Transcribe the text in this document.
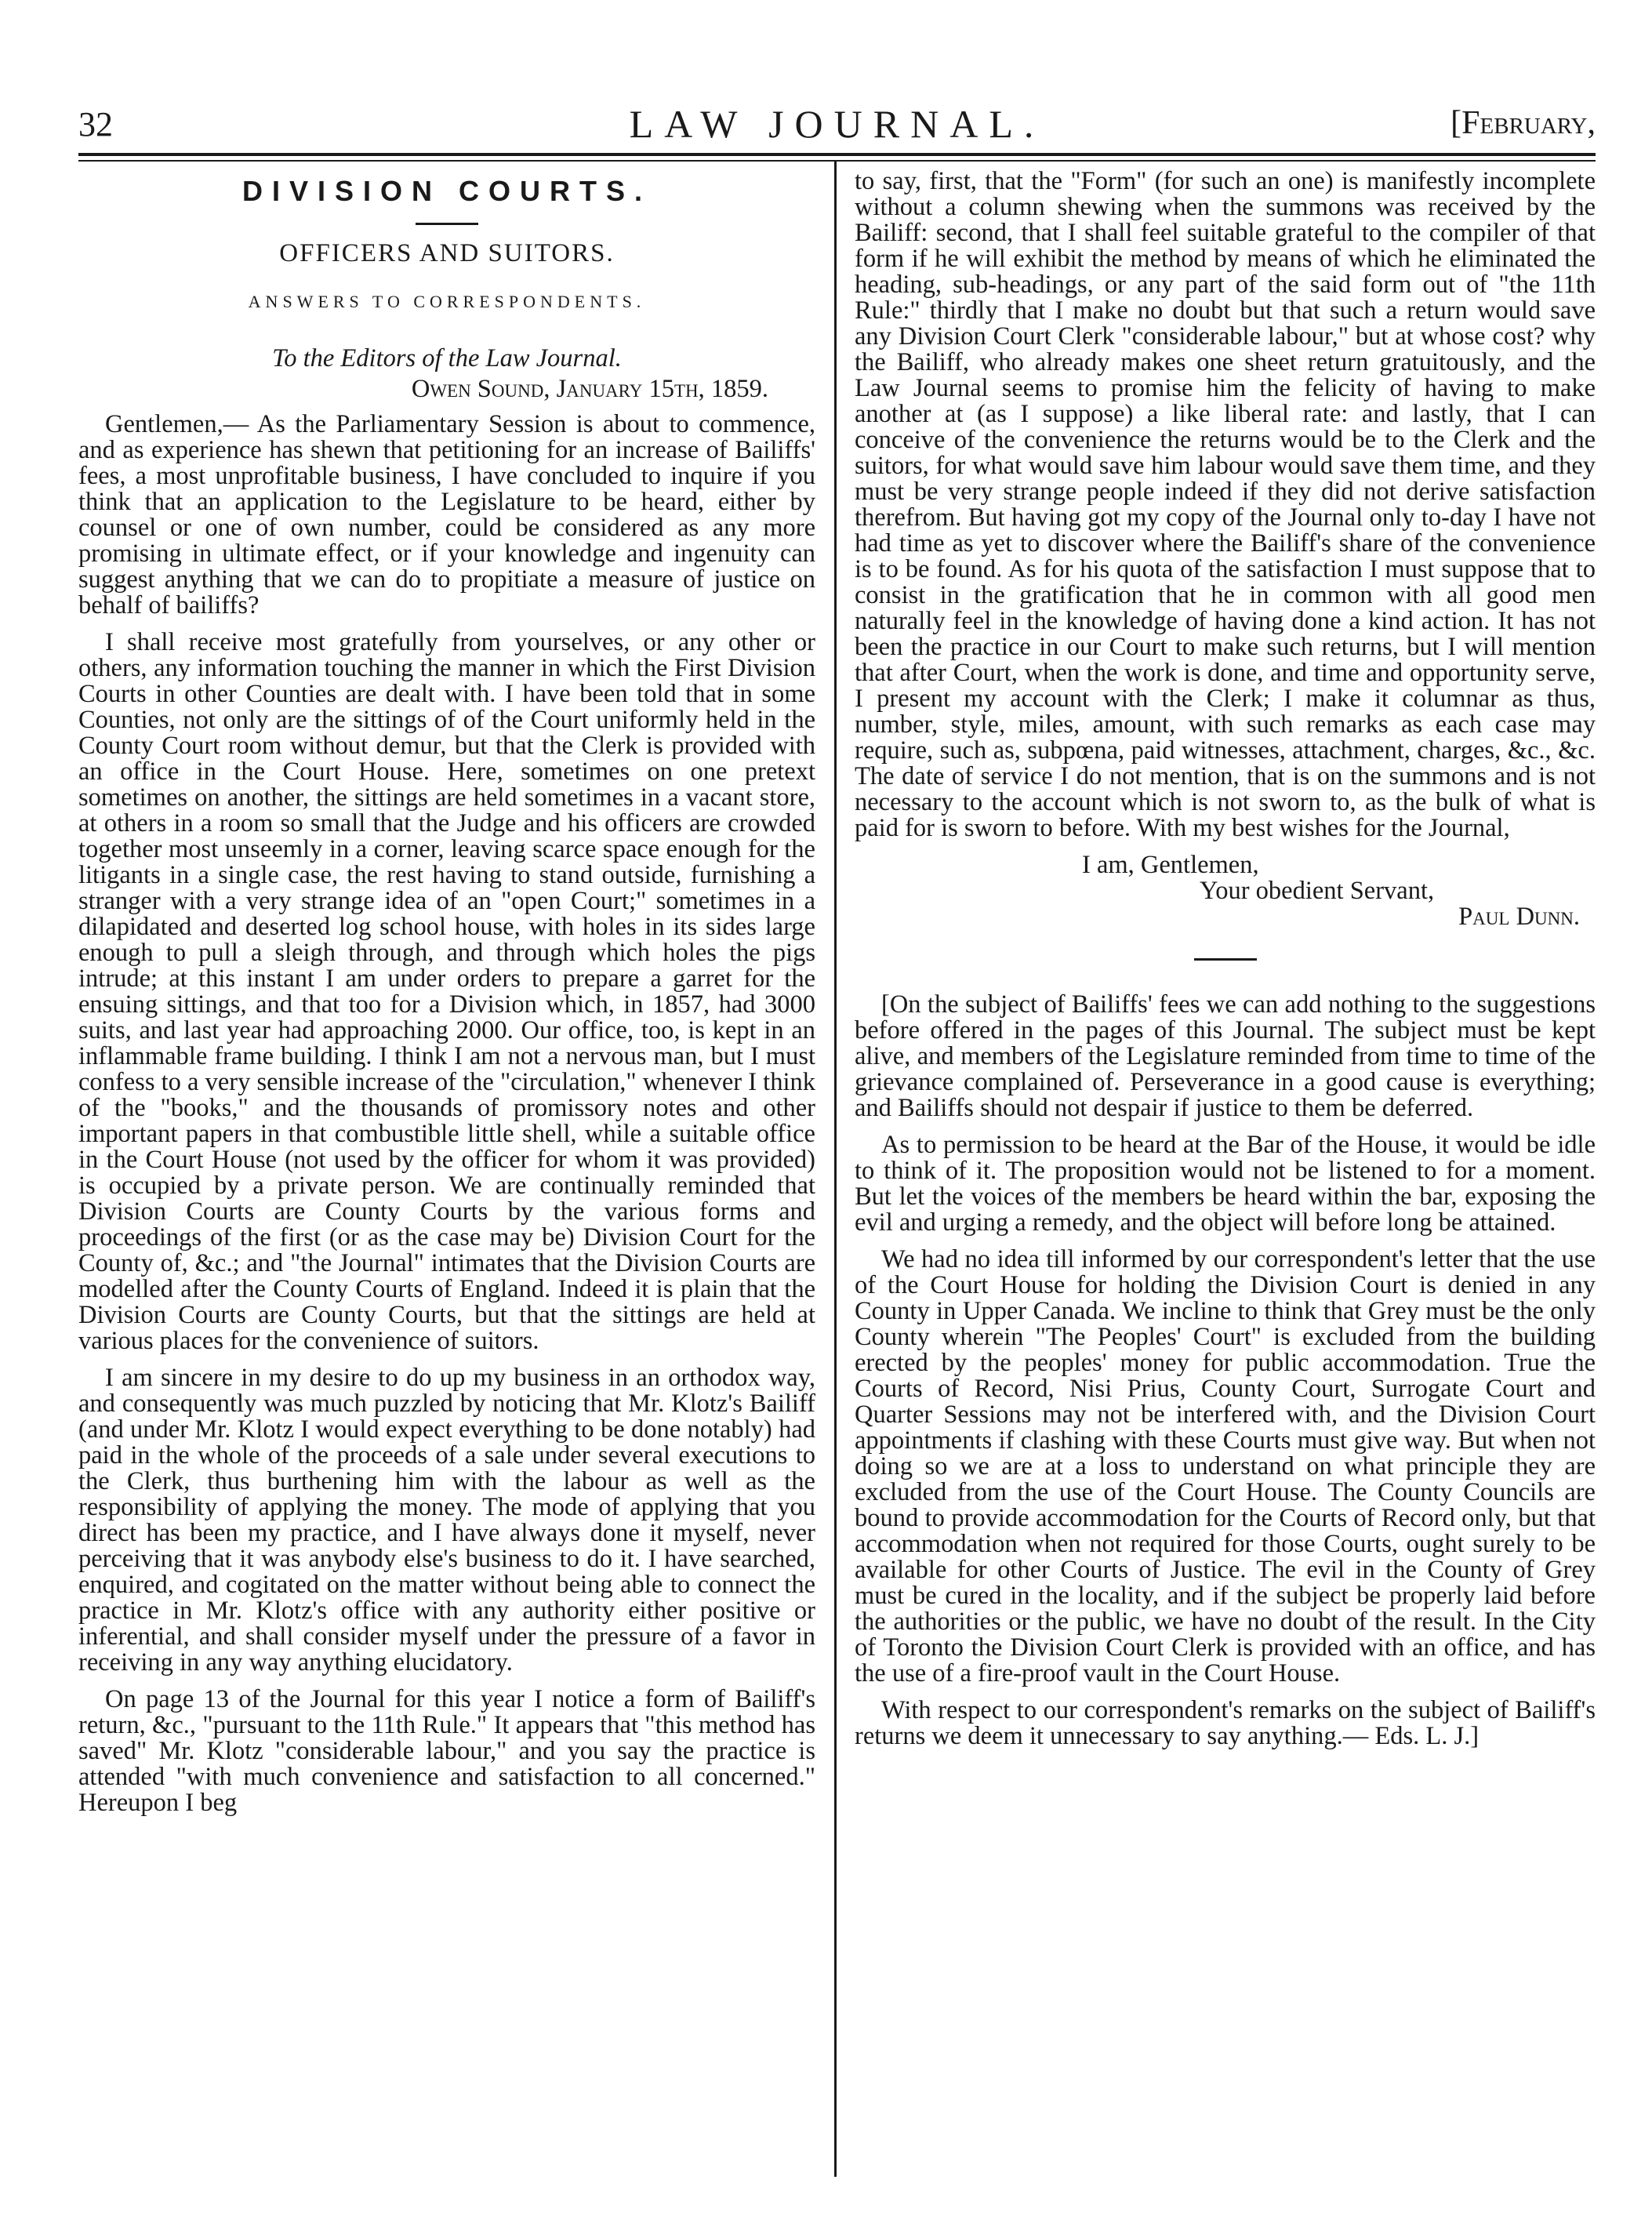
32	LAW JOURNAL.	[February,
DIVISION COURTS.
OFFICERS AND SUITORS.
ANSWERS TO CORRESPONDENTS.
To the Editors of the Law Journal.
Owen Sound, January 15th, 1859.

Gentlemen,— As the Parliamentary Session is about to commence, and as experience has shewn that petitioning for an increase of Bailiffs' fees, a most unprofitable business, I have concluded to inquire if you think that an application to the Legislature to be heard, either by counsel or one of own number, could be considered as any more promising in ultimate effect, or if your knowledge and ingenuity can suggest anything that we can do to propitiate a measure of justice on behalf of bailiffs?

I shall receive most gratefully from yourselves, or any other or others, any information touching the manner in which the First Division Courts in other Counties are dealt with. I have been told that in some Counties, not only are the sittings of of the Court uniformly held in the County Court room without demur, but that the Clerk is provided with an office in the Court House. Here, sometimes on one pretext sometimes on another, the sittings are held sometimes in a vacant store, at others in a room so small that the Judge and his officers are crowded together most unseemly in a corner, leaving scarce space enough for the litigants in a single case, the rest having to stand outside, furnishing a stranger with a very strange idea of an "open Court;" sometimes in a dilapidated and deserted log school house, with holes in its sides large enough to pull a sleigh through, and through which holes the pigs intrude; at this instant I am under orders to prepare a garret for the ensuing sittings, and that too for a Division which, in 1857, had 3000 suits, and last year had approaching 2000. Our office, too, is kept in an inflammable frame building. I think I am not a nervous man, but I must confess to a very sensible increase of the "circulation," whenever I think of the "books," and the thousands of promissory notes and other important papers in that combustible little shell, while a suitable office in the Court House (not used by the officer for whom it was provided) is occupied by a private person. We are continually reminded that Division Courts are County Courts by the various forms and proceedings of the first (or as the case may be) Division Court for the County of, &c.; and "the Journal" intimates that the Division Courts are modelled after the County Courts of England. Indeed it is plain that the Division Courts are County Courts, but that the sittings are held at various places for the convenience of suitors.

I am sincere in my desire to do up my business in an orthodox way, and consequently was much puzzled by noticing that Mr. Klotz's Bailiff (and under Mr. Klotz I would expect everything to be done notably) had paid in the whole of the proceeds of a sale under several executions to the Clerk, thus burthening him with the labour as well as the responsibility of applying the money. The mode of applying that you direct has been my practice, and I have always done it myself, never perceiving that it was anybody else's business to do it. I have searched, enquired, and cogitated on the matter without being able to connect the practice in Mr. Klotz's office with any authority either positive or inferential, and shall consider myself under the pressure of a favor in receiving in any way anything elucidatory.

On page 13 of the Journal for this year I notice a form of Bailiff's return, &c., "pursuant to the 11th Rule." It appears that "this method has saved" Mr. Klotz "considerable labour," and you say the practice is attended "with much convenience and satisfaction to all concerned." Hereupon I beg

to say, first, that the "Form" (for such an one) is manifestly incomplete without a column shewing when the summons was received by the Bailiff: second, that I shall feel suitable grateful to the compiler of that form if he will exhibit the method by means of which he eliminated the heading, sub-headings, or any part of the said form out of "the 11th Rule:" thirdly that I make no doubt but that such a return would save any Division Court Clerk "considerable labour," but at whose cost? why the Bailiff, who already makes one sheet return gratuitously, and the Law Journal seems to promise him the felicity of having to make another at (as I suppose) a like liberal rate: and lastly, that I can conceive of the convenience the returns would be to the Clerk and the suitors, for what would save him labour would save them time, and they must be very strange people indeed if they did not derive satisfaction therefrom. But having got my copy of the Journal only to-day I have not had time as yet to discover where the Bailiff's share of the convenience is to be found. As for his quota of the satisfaction I must suppose that to consist in the gratification that he in common with all good men naturally feel in the knowledge of having done a kind action. It has not been the practice in our Court to make such returns, but I will mention that after Court, when the work is done, and time and opportunity serve, I present my account with the Clerk; I make it columnar as thus, number, style, miles, amount, with such remarks as each case may require, such as, subpœna, paid witnesses, attachment, charges, &c., &c. The date of service I do not mention, that is on the summons and is not necessary to the account which is not sworn to, as the bulk of what is paid for is sworn to before. With my best wishes for the Journal,

I am, Gentlemen,
Your obedient Servant,
Paul Dunn.

[On the subject of Bailiffs' fees we can add nothing to the suggestions before offered in the pages of this Journal. The subject must be kept alive, and members of the Legislature reminded from time to time of the grievance complained of. Perseverance in a good cause is everything; and Bailiffs should not despair if justice to them be deferred.

As to permission to be heard at the Bar of the House, it would be idle to think of it. The proposition would not be listened to for a moment. But let the voices of the members be heard within the bar, exposing the evil and urging a remedy, and the object will before long be attained.

We had no idea till informed by our correspondent's letter that the use of the Court House for holding the Division Court is denied in any County in Upper Canada. We incline to think that Grey must be the only County wherein "The Peoples' Court" is excluded from the building erected by the peoples' money for public accommodation. True the Courts of Record, Nisi Prius, County Court, Surrogate Court and Quarter Sessions may not be interfered with, and the Division Court appointments if clashing with these Courts must give way. But when not doing so we are at a loss to understand on what principle they are excluded from the use of the Court House. The County Councils are bound to provide accommodation for the Courts of Record only, but that accommodation when not required for those Courts, ought surely to be available for other Courts of Justice. The evil in the County of Grey must be cured in the locality, and if the subject be properly laid before the authorities or the public, we have no doubt of the result. In the City of Toronto the Division Court Clerk is provided with an office, and has the use of a fire-proof vault in the Court House.

With respect to our correspondent's remarks on the subject of Bailiff's returns we deem it unnecessary to say anything.— Eds. L. J.]
